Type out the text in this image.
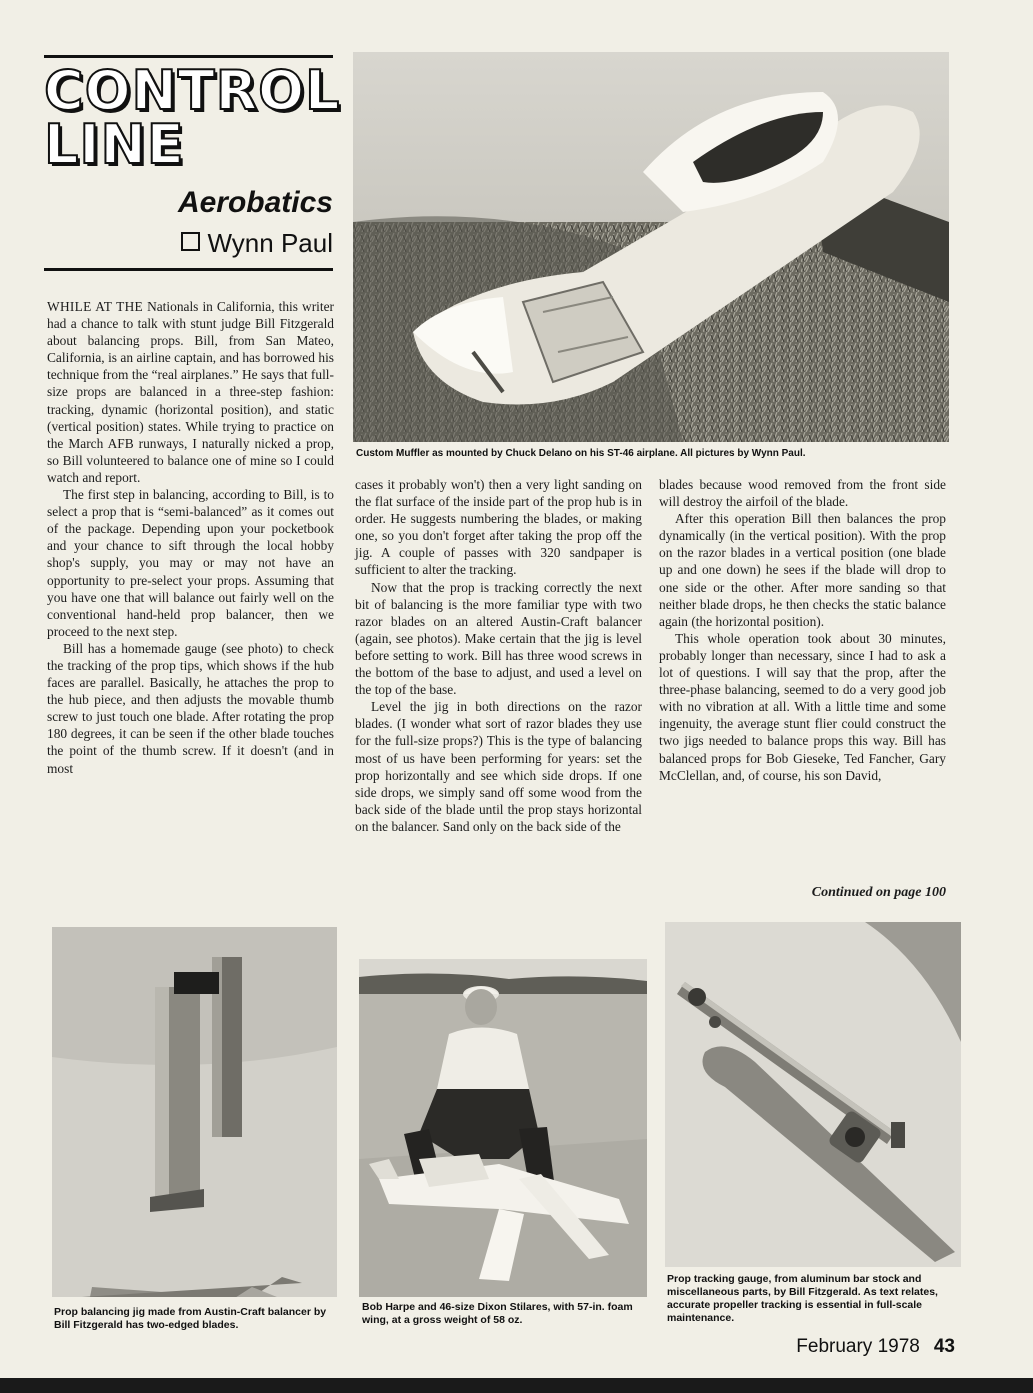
CONTROL
LINE
Aerobatics
Wynn Paul
Custom Muffler as mounted by Chuck Delano on his ST-46 airplane. All pictures by Wynn Paul.

WHILE AT THE Nationals in California, this writer had a chance to talk with stunt judge Bill Fitzgerald about balancing props. Bill, from San Mateo, California, is an airline captain, and has borrowed his technique from the “real airplanes.” He says that full-size props are balanced in a three-step fashion: tracking, dynamic (horizontal position), and static (vertical position) states. While trying to practice on the March AFB runways, I naturally nicked a prop, so Bill volunteered to balance one of mine so I could watch and report.

The first step in balancing, according to Bill, is to select a prop that is “semi-balanced” as it comes out of the package. Depending upon your pocketbook and your chance to sift through the local hobby shop's supply, you may or may not have an opportunity to pre-select your props. Assuming that you have one that will balance out fairly well on the conventional hand-held prop balancer, then we proceed to the next step.

Bill has a homemade gauge (see photo) to check the tracking of the prop tips, which shows if the hub faces are parallel. Basically, he attaches the prop to the hub piece, and then adjusts the movable thumb screw to just touch one blade. After rotating the prop 180 degrees, it can be seen if the other blade touches the point of the thumb screw. If it doesn't (and in most

cases it probably won't) then a very light sanding on the flat surface of the inside part of the prop hub is in order. He suggests numbering the blades, or making one, so you don't forget after taking the prop off the jig. A couple of passes with 320 sandpaper is sufficient to alter the tracking.

Now that the prop is tracking correctly the next bit of balancing is the more familiar type with two razor blades on an altered Austin-Craft balancer (again, see photos). Make certain that the jig is level before setting to work. Bill has three wood screws in the bottom of the base to adjust, and used a level on the top of the base.

Level the jig in both directions on the razor blades. (I wonder what sort of razor blades they use for the full-size props?) This is the type of balancing most of us have been performing for years: set the prop horizontally and see which side drops. If one side drops, we simply sand off some wood from the back side of the blade until the prop stays horizontal on the balancer. Sand only on the back side of the

blades because wood removed from the front side will destroy the airfoil of the blade.

After this operation Bill then balances the prop dynamically (in the vertical position). With the prop on the razor blades in a vertical position (one blade up and one down) he sees if the blade will drop to one side or the other. After more sanding so that neither blade drops, he then checks the static balance again (the horizontal position).

This whole operation took about 30 minutes, probably longer than necessary, since I had to ask a lot of questions. I will say that the prop, after the three-phase balancing, seemed to do a very good job with no vibration at all. With a little time and some ingenuity, the average stunt flier could construct the two jigs needed to balance props this way. Bill has balanced props for Bob Gieseke, Ted Fancher, Gary McClellan, and, of course, his son David,

Continued on page 100
Prop balancing jig made from Austin-Craft balancer by Bill Fitzgerald has two-edged blades.
Bob Harpe and 46-size Dixon Stilares, with 57-in. foam wing, at a gross weight of 58 oz.
Prop tracking gauge, from aluminum bar stock and miscellaneous parts, by Bill Fitzgerald. As text relates, accurate propeller tracking is essential in full-scale maintenance.
February 1978 43
